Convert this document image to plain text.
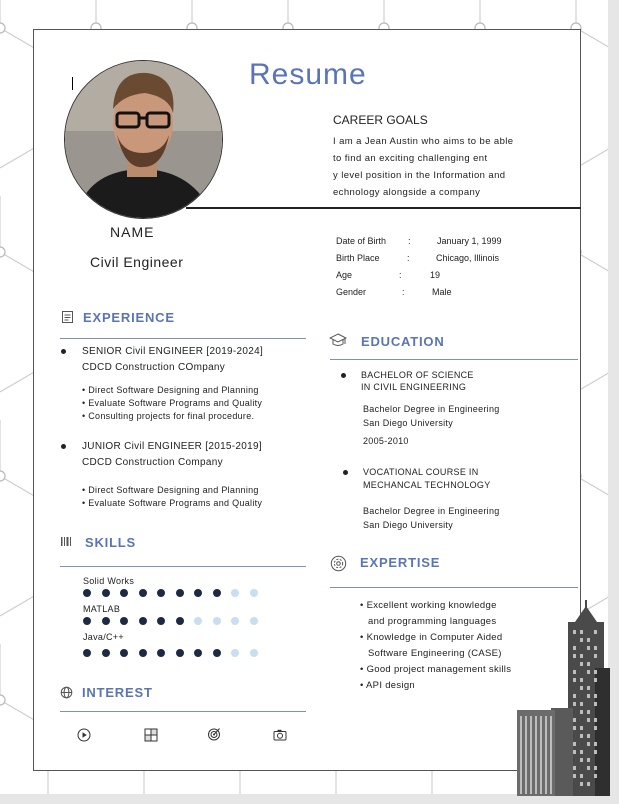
Resume
NAME
Civil Engineer
CAREER GOALS
I am a Jean Austin who aims to be able
to find an exciting challenging ent
y level position in the Information and
echnology alongside a company
Date of Birth :	January 1, 1999
Birth Place	:	Chicago, Illinois
Age	:	19
Gender	:	Male
EXPERIENCE
SENIOR Civil ENGINEER [2019-2024]
CDCD Construction COmpany
• Direct Software Designing and Planning
• Evaluate Software Programs and Quality
• Consulting projects for final procedure.
JUNIOR Civil ENGINEER [2015-2019]
CDCD Construction Company
• Direct Software Designing and Planning
• Evaluate Software Programs and Quality
SKILLS
Solid Works
MATLAB
Java/C++
INTEREST
EDUCATION
BACHELOR OF SCIENCE
IN CIVIL ENGINEERING
Bachelor Degree in Engineering
San Diego University
2005-2010
VOCATIONAL COURSE IN
MECHANCAL TECHNOLOGY
Bachelor Degree in Engineering
San Diego University
EXPERTISE
• Excellent working knowledge
and programming languages
• Knowledge in Computer Aided
Software Engineering (CASE)
• Good project management skills
• API design
